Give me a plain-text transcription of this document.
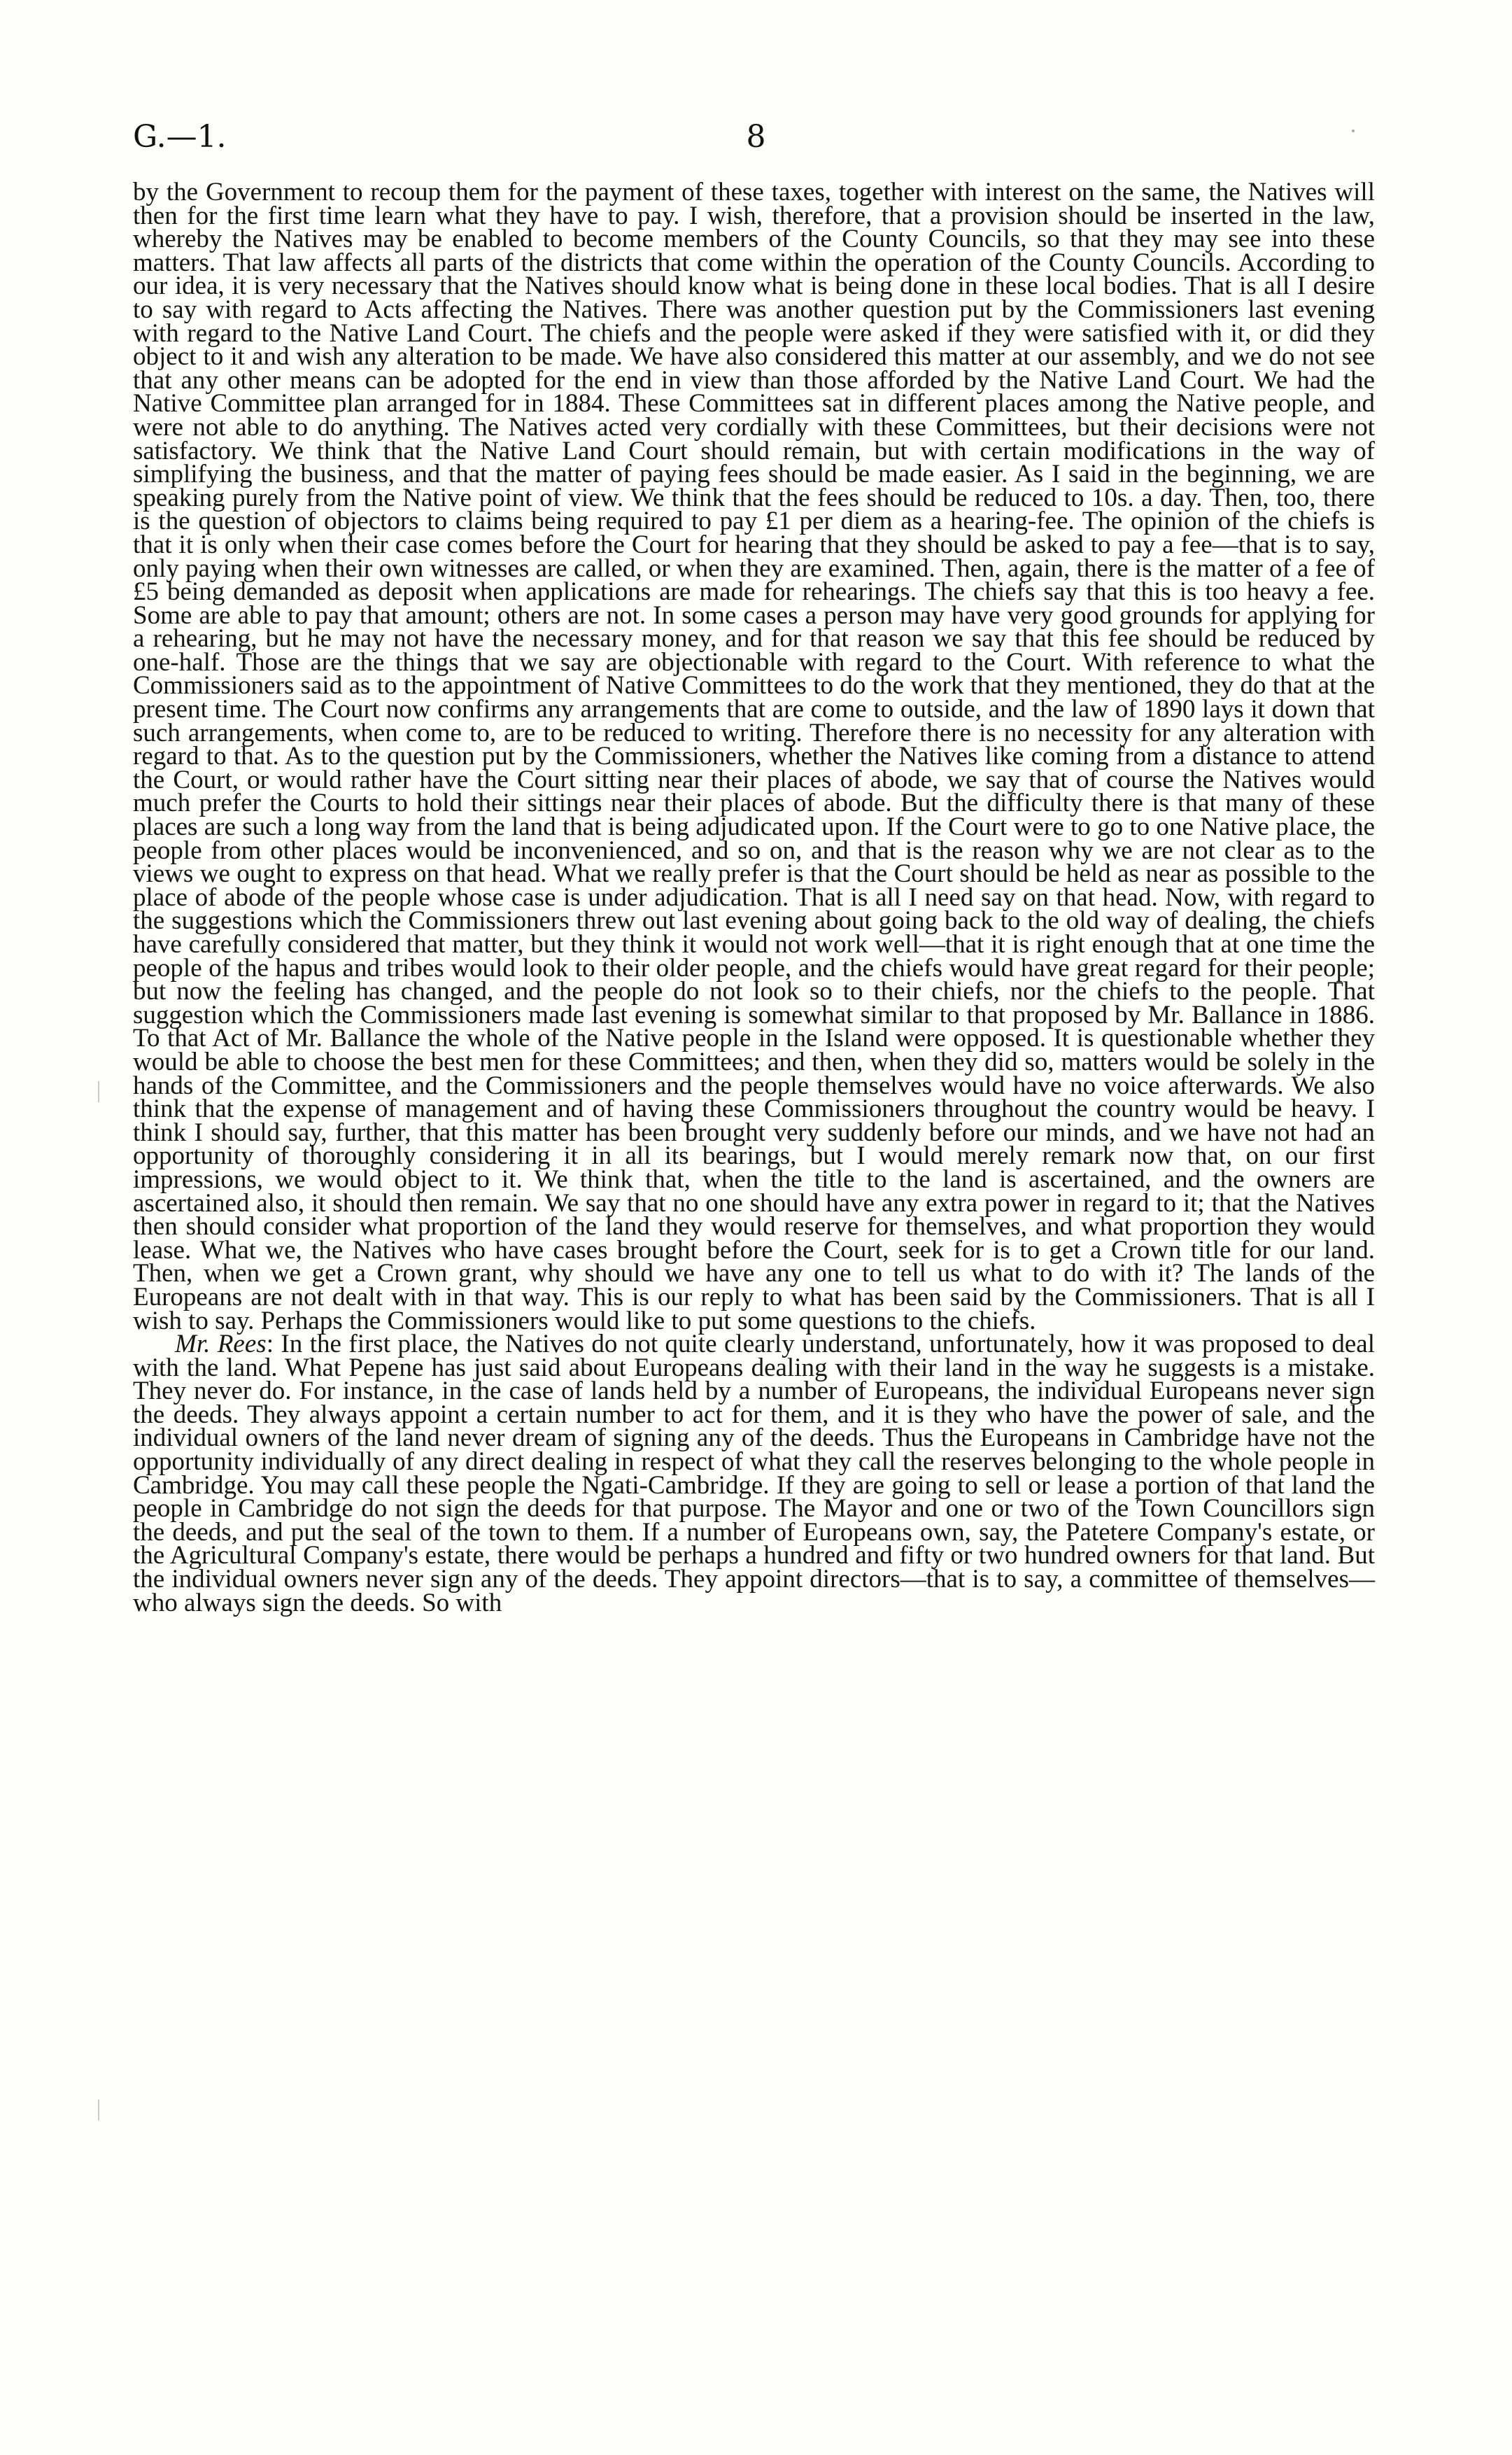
G.—1.	8

by the Government to recoup them for the payment of these taxes, together with interest on the same, the Natives will then for the first time learn what they have to pay. I wish, therefore, that a provision should be inserted in the law, whereby the Natives may be enabled to become members of the County Councils, so that they may see into these matters. That law affects all parts of the districts that come within the operation of the County Councils. According to our idea, it is very necessary that the Natives should know what is being done in these local bodies. That is all I desire to say with regard to Acts affecting the Natives. There was another question put by the Commissioners last evening with regard to the Native Land Court. The chiefs and the people were asked if they were satisfied with it, or did they object to it and wish any alteration to be made. We have also considered this matter at our assembly, and we do not see that any other means can be adopted for the end in view than those afforded by the Native Land Court. We had the Native Committee plan arranged for in 1884. These Committees sat in different places among the Native people, and were not able to do anything. The Natives acted very cordially with these Committees, but their decisions were not satisfactory. We think that the Native Land Court should remain, but with certain modifications in the way of simplifying the business, and that the matter of paying fees should be made easier. As I said in the beginning, we are speaking purely from the Native point of view. We think that the fees should be reduced to 10s. a day. Then, too, there is the question of objectors to claims being required to pay £1 per diem as a hearing-fee. The opinion of the chiefs is that it is only when their case comes before the Court for hearing that they should be asked to pay a fee—that is to say, only paying when their own witnesses are called, or when they are examined. Then, again, there is the matter of a fee of £5 being demanded as deposit when applications are made for rehearings. The chiefs say that this is too heavy a fee. Some are able to pay that amount; others are not. In some cases a person may have very good grounds for applying for a rehearing, but he may not have the necessary money, and for that reason we say that this fee should be reduced by one-half. Those are the things that we say are objectionable with regard to the Court. With reference to what the Commissioners said as to the appointment of Native Committees to do the work that they mentioned, they do that at the present time. The Court now confirms any arrangements that are come to outside, and the law of 1890 lays it down that such arrangements, when come to, are to be reduced to writing. Therefore there is no necessity for any alteration with regard to that. As to the question put by the Commissioners, whether the Natives like coming from a distance to attend the Court, or would rather have the Court sitting near their places of abode, we say that of course the Natives would much prefer the Courts to hold their sittings near their places of abode. But the difficulty there is that many of these places are such a long way from the land that is being adjudicated upon. If the Court were to go to one Native place, the people from other places would be inconvenienced, and so on, and that is the reason why we are not clear as to the views we ought to express on that head. What we really prefer is that the Court should be held as near as possible to the place of abode of the people whose case is under adjudication. That is all I need say on that head. Now, with regard to the suggestions which the Commissioners threw out last evening about going back to the old way of dealing, the chiefs have carefully considered that matter, but they think it would not work well—that it is right enough that at one time the people of the hapus and tribes would look to their older people, and the chiefs would have great regard for their people; but now the feeling has changed, and the people do not look so to their chiefs, nor the chiefs to the people. That suggestion which the Commissioners made last evening is somewhat similar to that proposed by Mr. Ballance in 1886. To that Act of Mr. Ballance the whole of the Native people in the Island were opposed. It is questionable whether they would be able to choose the best men for these Committees; and then, when they did so, matters would be solely in the hands of the Committee, and the Commissioners and the people themselves would have no voice afterwards. We also think that the expense of management and of having these Commissioners throughout the country would be heavy. I think I should say, further, that this matter has been brought very suddenly before our minds, and we have not had an opportunity of thoroughly considering it in all its bearings, but I would merely remark now that, on our first impressions, we would object to it. We think that, when the title to the land is ascertained, and the owners are ascertained also, it should then remain. We say that no one should have any extra power in regard to it; that the Natives then should consider what proportion of the land they would reserve for themselves, and what proportion they would lease. What we, the Natives who have cases brought before the Court, seek for is to get a Crown title for our land. Then, when we get a Crown grant, why should we have any one to tell us what to do with it? The lands of the Europeans are not dealt with in that way. This is our reply to what has been said by the Commissioners. That is all I wish to say. Perhaps the Commissioners would like to put some questions to the chiefs.

Mr. Rees: In the first place, the Natives do not quite clearly understand, unfortunately, how it was proposed to deal with the land. What Pepene has just said about Europeans dealing with their land in the way he suggests is a mistake. They never do. For instance, in the case of lands held by a number of Europeans, the individual Europeans never sign the deeds. They always appoint a certain number to act for them, and it is they who have the power of sale, and the individual owners of the land never dream of signing any of the deeds. Thus the Europeans in Cambridge have not the opportunity individually of any direct dealing in respect of what they call the reserves belonging to the whole people in Cambridge. You may call these people the Ngati-Cambridge. If they are going to sell or lease a portion of that land the people in Cambridge do not sign the deeds for that purpose. The Mayor and one or two of the Town Councillors sign the deeds, and put the seal of the town to them. If a number of Europeans own, say, the Patetere Company's estate, or the Agricultural Company's estate, there would be perhaps a hundred and fifty or two hundred owners for that land. But the individual owners never sign any of the deeds. They appoint directors—that is to say, a committee of themselves—who always sign the deeds. So with
